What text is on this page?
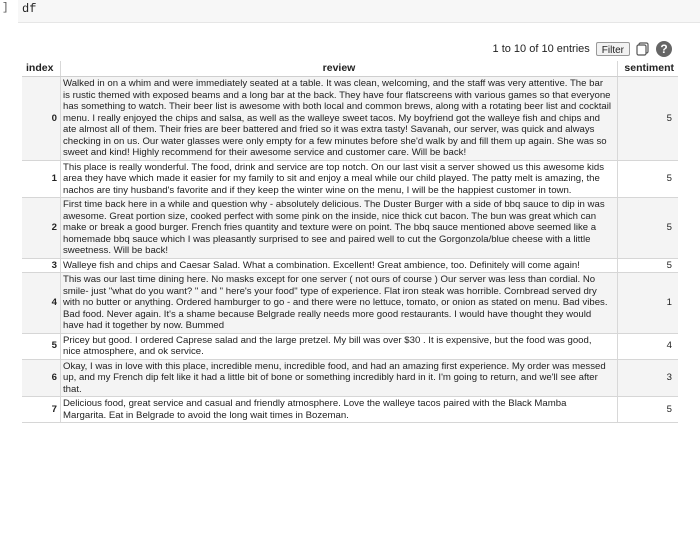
] df
1 to 10 of 10 entries	Filter	?
index	review	sentiment
0	Walked in on a whim and were immediately seated at a table. It was clean, welcoming, and the staff was very attentive. The bar is rustic themed with exposed beams and a long bar at the back. They have four flatscreens with various games so that everyone has something to watch. Their beer list is awesome with both local and common brews, along with a rotating beer list and cocktail menu. I really enjoyed the chips and salsa, as well as the walleye sweet tacos. My boyfriend got the walleye fish and chips and ate almost all of them. Their fries are beer battered and fried so it was extra tasty! Savanah, our server, was quick and always checking in on us. Our water glasses were only empty for a few minutes before she'd walk by and fill them up again. She was so sweet and kind! Highly recommend for their awesome service and customer care. Will be back!	5
1	This place is really wonderful. The food, drink and service are top notch. On our last visit a server showed us this awesome kids area they have which made it easier for my family to sit and enjoy a meal while our child played. The patty melt is amazing, the nachos are tiny husband's favorite and if they keep the winter wine on the menu, I will be the happiest customer in town.	5
2	First time back here in a while and question why - absolutely delicious. The Duster Burger with a side of bbq sauce to dip in was awesome. Great portion size, cooked perfect with some pink on the inside, nice thick cut bacon. The bun was great which can make or break a good burger. French fries quantity and texture were on point. The bbq sauce mentioned above seemed like a homemade bbq sauce which I was pleasantly surprised to see and paired well to cut the Gorgonzola/blue cheese with a little sweetness. Will be back!	5
3	Walleye fish and chips and Caesar Salad. What a combination. Excellent! Great ambience, too. Definitely will come again!	5
4	This was our last time dining here. No masks except for one server ( not ours of course ) Our server was less than cordial. No smile- just "what do you want? " and " here's your food" type of experience. Flat iron steak was horrible. Cornbread served dry with no butter or anything. Ordered hamburger to go - and there were no lettuce, tomato, or onion as stated on menu. Bad vibes. Bad food. Never again. It's a shame because Belgrade really needs more good restaurants. I would have thought they would have had it together by now. Bummed	1
5	Pricey but good. I ordered Caprese salad and the large pretzel. My bill was over $30 . It is expensive, but the food was good, nice atmosphere, and ok service.	4
6	Okay, I was in love with this place, incredible menu, incredible food, and had an amazing first experience. My order was messed up, and my French dip felt like it had a little bit of bone or something incredibly hard in it. I'm going to return, and we'll see after that.	3
7	Delicious food, great service and casual and friendly atmosphere. Love the walleye tacos paired with the Black Mamba Margarita. Eat in Belgrade to avoid the long wait times in Bozeman.	5
